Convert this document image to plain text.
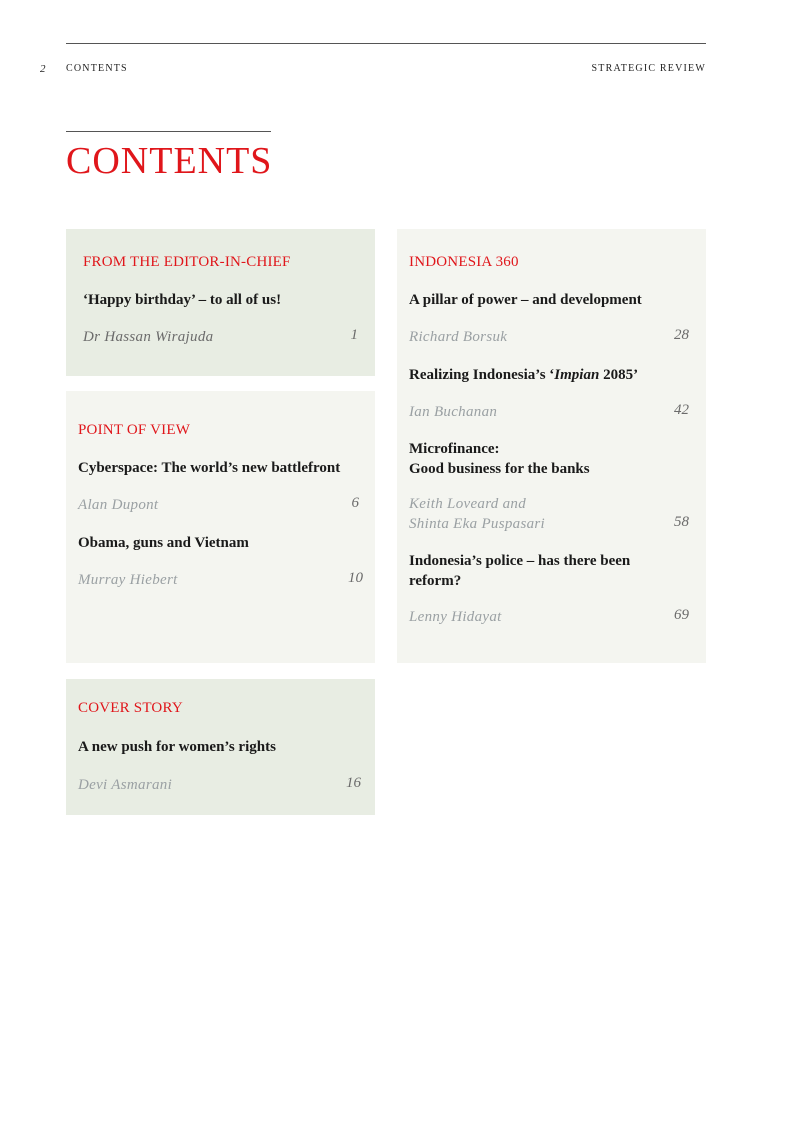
2 CONTENTS	STRATEGIC REVIEW
CONTENTS
FROM THE EDITOR-IN-CHIEF
‘Happy birthday’ – to all of us!
Dr Hassan Wirajuda	1
POINT OF VIEW
Cyberspace: The world’s new battlefront
Alan Dupont	6
Obama, guns and Vietnam
Murray Hiebert	10
COVER STORY
A new push for women’s rights
Devi Asmarani	16
INDONESIA 360
A pillar of power – and development
Richard Borsuk	28
Realizing Indonesia’s ‘Impian 2085’
Ian Buchanan	42
Microfinance:
Good business for the banks
Keith Loveard and
Shinta Eka Puspasari	58
Indonesia’s police – has there been
reform?
Lenny Hidayat	69
